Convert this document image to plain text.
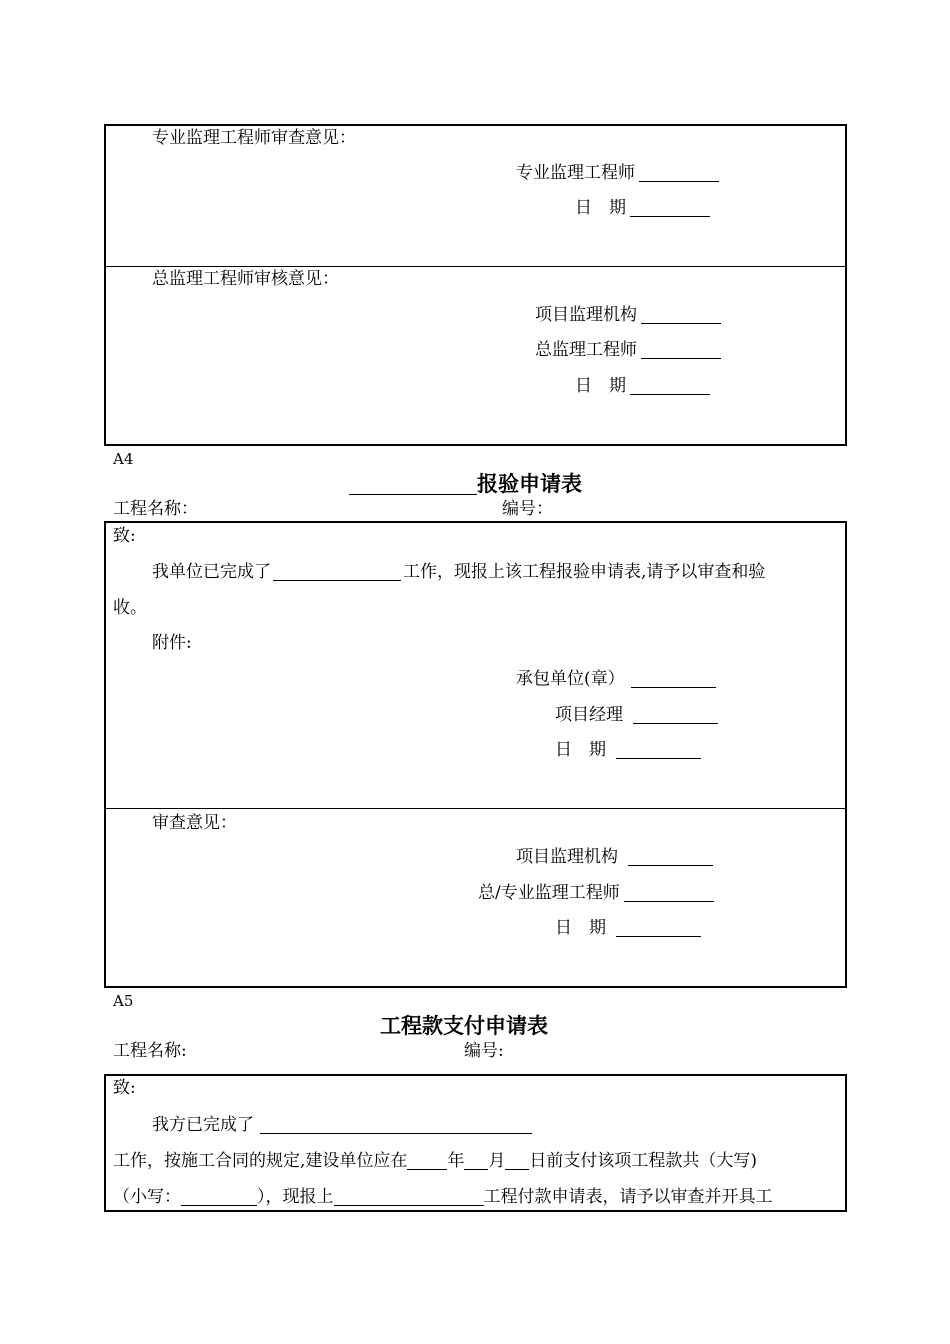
专业监理工程师审查意见：
专业监理工程师
日　期
总监理工程师审核意见：
项目监理机构
总监理工程师
日　期
A4
报验申请表
工程名称：	编号：
致:
我单位已完成了	工作，现报上该工程报验申请表,请予以审查和验
收。
附件:
承包单位(章）
项目经理
日　期
审查意见：
项目监理机构
总/专业监理工程师
日　期
A5
工程款支付申请表
工程名称:	编号:
致:
我方已完成了
工作，按施工合同的规定,建设单位应在 年 月 日前支付该项工程款共（大写)
（小写：	），现报上	工程付款申请表，请予以审查并开具工
